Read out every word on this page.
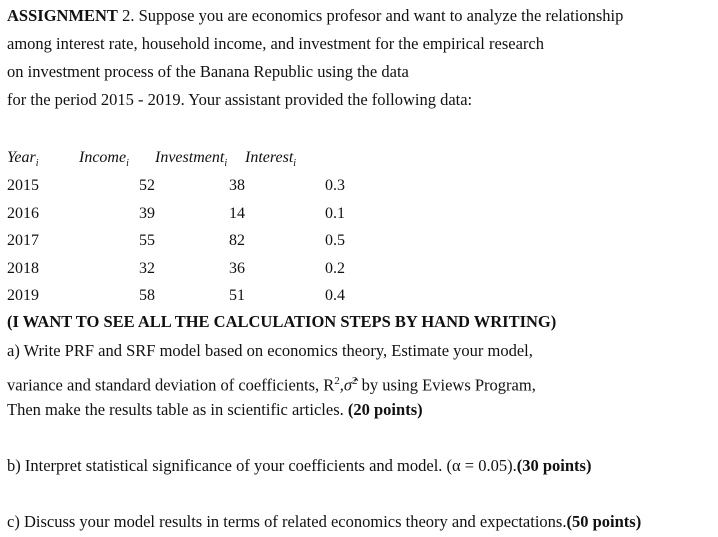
ASSIGNMENT 2. Suppose you are economics profesor and want to analyze the relationship
among interest rate, household income, and investment for the empirical research
on investment process of the Banana Republic using the data
for the period 2015 - 2019. Your assistant provided the following data:
Year$_i$	Income$_i$	Investment$_i$	Interest$_i$
2015	52	38	0.3
2016	39	14	0.1
2017	55	82	0.5
2018	32	36	0.2
2019	58	51	0.4
(I WANT TO SEE ALL THE CALCULATION STEPS BY HAND WRITING)
a) Write PRF and SRF model based on economics theory, Estimate your model,
variance and standard deviation of coefficients, $R^2,\sigmâ^2$ by using Eviews Program,
Then make the results table as in scientific articles. (20 points)
b) Interpret statistical significance of your coefficients and model. (α = 0.05).(30 points)
c) Discuss your model results in terms of related economics theory and expectations.(50 points)
